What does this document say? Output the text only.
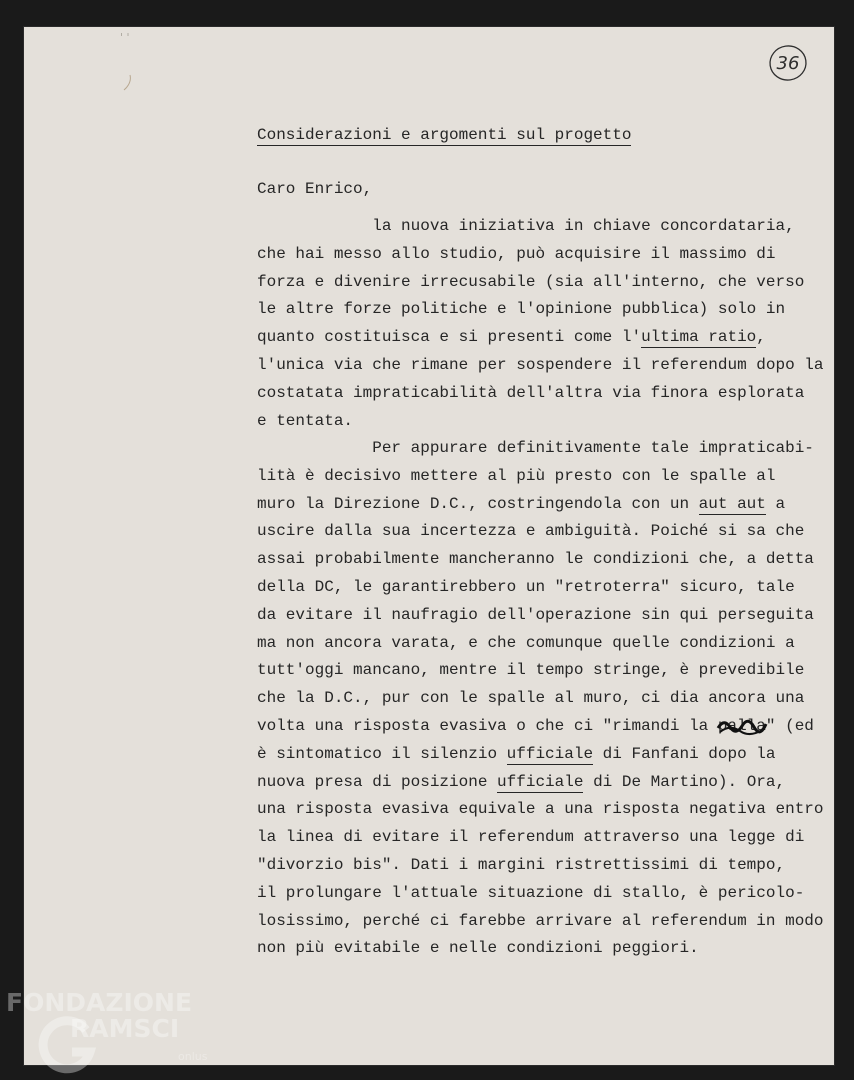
' '
36
Considerazioni e argomenti sul progetto
Caro Enrico,
la nuova iniziativa in chiave concordataria,
che hai messo allo studio, può acquisire il massimo di
forza e divenire irrecusabile (sia all'interno, che verso
le altre forze politiche e l'opinione pubblica) solo in
quanto costituisca e si presenti come l'ultima ratio,
l'unica via che rimane per sospendere il referendum dopo la
costatata impraticabilità dell'altra via finora esplorata
e tentata.
Per appurare definitivamente tale impraticabi-
lità è decisivo mettere al più presto con le spalle al
muro la Direzione D.C., costringendola con un aut aut a
uscire dalla sua incertezza e ambiguità. Poiché si sa che
assai probabilmente mancheranno le condizioni che, a detta
della DC, le garantirebbero un "retroterra" sicuro, tale
da evitare il naufragio dell'operazione sin qui perseguita
ma non ancora varata, e che comunque quelle condizioni a
tutt'oggi mancano, mentre il tempo stringe, è prevedibile
che la D.C., pur con le spalle al muro, ci dia ancora una
volta una risposta evasiva o che ci "rimandi la palla
" (ed
è sintomatico il silenzio ufficiale di Fanfani dopo la
nuova presa di posizione ufficiale di De Martino). Ora,
una risposta evasiva equivale a una risposta negativa entro
la linea di evitare il referendum attraverso una legge di
"divorzio bis". Dati i margini ristrettissimi di tempo,
il prolungare l'attuale situazione di stallo, è pericolo-
losissimo, perché ci farebbe arrivare al referendum in modo
non più evitabile e nelle condizioni peggiori.
FONDAZIONE
RAMSCI
onlus
